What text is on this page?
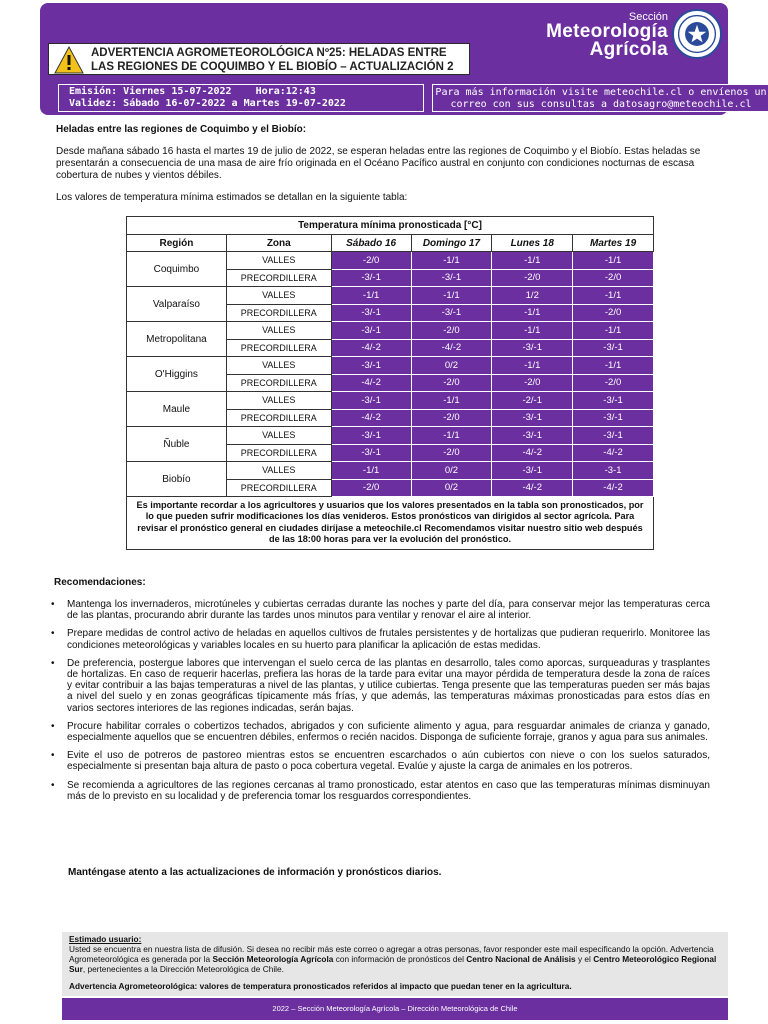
ADVERTENCIA AGROMETEOROLÓGICA Nº25: HELADAS ENTRE
LAS REGIONES DE COQUIMBO Y EL BIOBÍO – ACTUALIZACIÓN 2
Sección
Meteorología
Agrícola
Emisión: Viernes 15-07-2022    Hora:12:43
Validez: Sábado 16-07-2022 a Martes 19-07-2022
Para más información visite meteochile.cl o envíenos un
correo con sus consultas a datosagro@meteochile.cl
Heladas entre las regiones de Coquimbo y el Biobío:
Desde mañana sábado 16 hasta el martes 19 de julio de 2022, se esperan heladas entre las regiones de Coquimbo y el Biobío. Estas heladas se presentarán a consecuencia de una masa de aire frío originada en el Océano Pacífico austral en conjunto con condiciones nocturnas de escasa cobertura de nubes y vientos débiles.
Los valores de temperatura mínima estimados se detallan en la siguiente tabla:
Temperatura mínima pronosticada [°C]					
Región	Zona	Sábado 16	Domingo 17	Lunes 18	Martes 19
Coquimbo	VALLES	-2/0	-1/1	-1/1	-1/1
	PRECORDILLERA	-3/-1	-3/-1	-2/0	-2/0
Valparaíso	VALLES	-1/1	-1/1	1/2	-1/1
	PRECORDILLERA	-3/-1	-3/-1	-1/1	-2/0
Metropolitana	VALLES	-3/-1	-2/0	-1/1	-1/1
	PRECORDILLERA	-4/-2	-4/-2	-3/-1	-3/-1
O'Higgins	VALLES	-3/-1	0/2	-1/1	-1/1
	PRECORDILLERA	-4/-2	-2/0	-2/0	-2/0
Maule	VALLES	-3/-1	-1/1	-2/-1	-3/-1
	PRECORDILLERA	-4/-2	-2/0	-3/-1	-3/-1
Ñuble	VALLES	-3/-1	-1/1	-3/-1	-3/-1
	PRECORDILLERA	-3/-1	-2/0	-4/-2	-4/-2
Biobío	VALLES	-1/1	0/2	-3/-1	-3-1
	PRECORDILLERA	-2/0	0/2	-4/-2	-4/-2
Es importante recordar a los agricultores y usuarios que los valores presentados en la tabla son pronosticados, por lo que pueden sufrir modificaciones los días venideros. Estos pronósticos van dirigidos al sector agrícola. Para revisar el pronóstico general en ciudades diríjase a meteochile.cl Recomendamos visitar nuestro sitio web después de las 18:00 horas para ver la evolución del pronóstico.
Recomendaciones:
• Mantenga los invernaderos, microtúneles y cubiertas cerradas durante las noches y parte del día, para conservar mejor las temperaturas cerca de las plantas, procurando abrir durante las tardes unos minutos para ventilar y renovar el aire al interior.
• Prepare medidas de control activo de heladas en aquellos cultivos de frutales persistentes y de hortalizas que pudieran requerirlo. Monitoree las condiciones meteorológicas y variables locales en su huerto para planificar la aplicación de estas medidas.
• De preferencia, postergue labores que intervengan el suelo cerca de las plantas en desarrollo, tales como aporcas, surqueaduras y trasplantes de hortalizas. En caso de requerir hacerlas, prefiera las horas de la tarde para evitar una mayor pérdida de temperatura desde la zona de raíces y evitar contribuir a las bajas temperaturas a nivel de las plantas, y utilice cubiertas. Tenga presente que las temperaturas pueden ser más bajas a nivel del suelo y en zonas geográficas típicamente más frías, y que además, las temperaturas máximas pronosticadas para estos días en varios sectores interiores de las regiones indicadas, serán bajas.
• Procure habilitar corrales o cobertizos techados, abrigados y con suficiente alimento y agua, para resguardar animales de crianza y ganado, especialmente aquellos que se encuentren débiles, enfermos o recién nacidos. Disponga de suficiente forraje, granos y agua para sus animales.
• Evite el uso de potreros de pastoreo mientras estos se encuentren escarchados o aún cubiertos con nieve o con los suelos saturados, especialmente si presentan baja altura de pasto o poca cobertura vegetal. Evalúe y ajuste la carga de animales en los potreros.
• Se recomienda a agricultores de las regiones cercanas al tramo pronosticado, estar atentos en caso que las temperaturas mínimas disminuyan más de lo previsto en su localidad y de preferencia tomar los resguardos correspondientes.
Manténgase atento a las actualizaciones de información y pronósticos diarios.
Estimado usuario:
Usted se encuentra en nuestra lista de difusión. Si desea no recibir más este correo o agregar a otras personas, favor responder este mail especificando la opción. Advertencia Agrometeorológica es generada por la Sección Meteorología Agrícola con información de pronósticos del Centro Nacional de Análisis y el Centro Meteorológico Regional Sur, pertenecientes a la Dirección Meteorológica de Chile.
Advertencia Agrometeorológica: valores de temperatura pronosticados referidos al impacto que puedan tener en la agricultura.
2022 – Sección Meteorología Agrícola – Dirección Meteorológica de Chile
